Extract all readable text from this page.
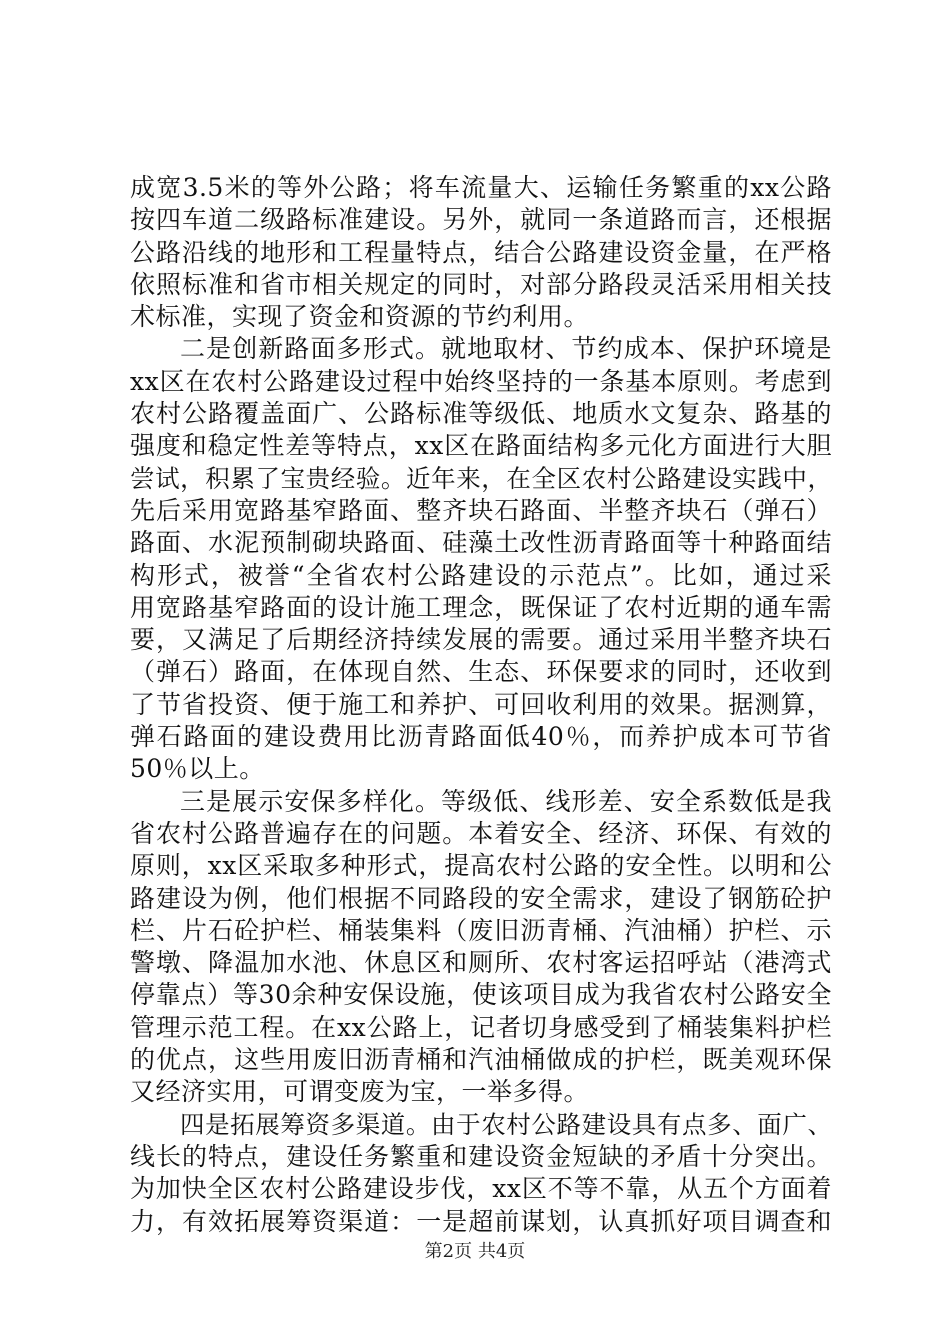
成宽3.5米的等外公路；将车流量大、运输任务繁重的xx公路
按四车道二级路标准建设。另外，就同一条道路而言，还根据
公路沿线的地形和工程量特点，结合公路建设资金量，在严格
依照标准和省市相关规定的同时，对部分路段灵活采用相关技
术标准，实现了资金和资源的节约利用。
二是创新路面多形式。就地取材、节约成本、保护环境是
xx区在农村公路建设过程中始终坚持的一条基本原则。考虑到
农村公路覆盖面广、公路标准等级低、地质水文复杂、路基的
强度和稳定性差等特点，xx区在路面结构多元化方面进行大胆
尝试，积累了宝贵经验。近年来，在全区农村公路建设实践中，
先后采用宽路基窄路面、整齐块石路面、半整齐块石（弹石）
路面、水泥预制砌块路面、硅藻土改性沥青路面等十种路面结
构形式，被誉“全省农村公路建设的示范点”。比如，通过采
用宽路基窄路面的设计施工理念，既保证了农村近期的通车需
要，又满足了后期经济持续发展的需要。通过采用半整齐块石
（弹石）路面，在体现自然、生态、环保要求的同时，还收到
了节省投资、便于施工和养护、可回收利用的效果。据测算，
弹石路面的建设费用比沥青路面低40％，而养护成本可节省
50％以上。
三是展示安保多样化。等级低、线形差、安全系数低是我
省农村公路普遍存在的问题。本着安全、经济、环保、有效的
原则，xx区采取多种形式，提高农村公路的安全性。以明和公
路建设为例，他们根据不同路段的安全需求，建设了钢筋砼护
栏、片石砼护栏、桶装集料（废旧沥青桶、汽油桶）护栏、示
警墩、降温加水池、休息区和厕所、农村客运招呼站（港湾式
停靠点）等30余种安保设施，使该项目成为我省农村公路安全
管理示范工程。在xx公路上，记者切身感受到了桶装集料护栏
的优点，这些用废旧沥青桶和汽油桶做成的护栏，既美观环保
又经济实用，可谓变废为宝，一举多得。
四是拓展筹资多渠道。由于农村公路建设具有点多、面广、
线长的特点，建设任务繁重和建设资金短缺的矛盾十分突出。
为加快全区农村公路建设步伐，xx区不等不靠，从五个方面着
力，有效拓展筹资渠道：一是超前谋划，认真抓好项目调查和
第2页 共4页
